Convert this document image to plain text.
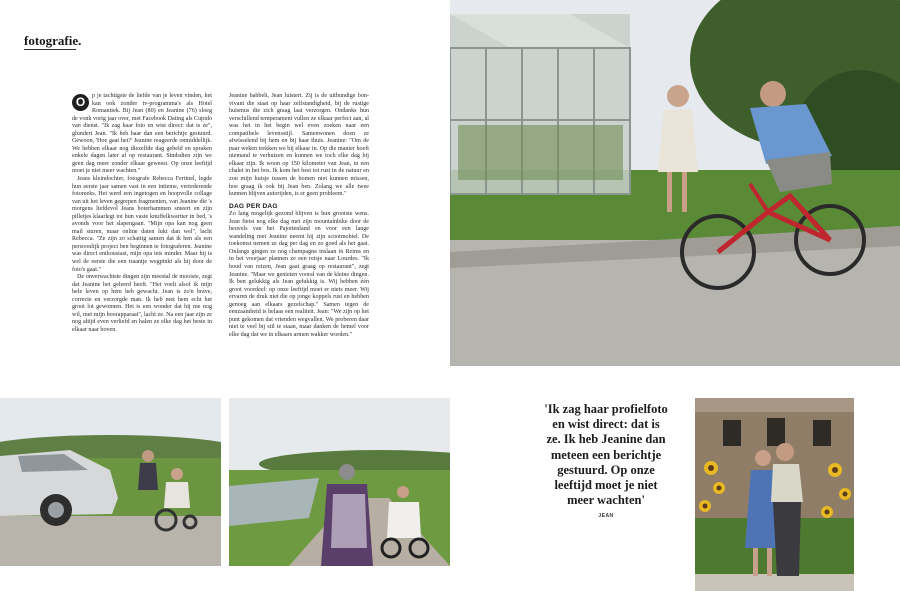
fotografie.
O	p je tachtigste de liefde van je leven vinden, het kan ook zonder tv-programma's als Hotel Romantiek. Bij Jean (80) en Jeanine (76) sloeg de vonk vorig jaar over, met Facebook Dating als Cupido van dienst. "Ik zag haar foto en wist direct: dat is ze", glundert Jean. "Ik heb haar dan een berichtje gestuurd. Gewoon, 'Hoe gaat het?' Jeanine reageerde onmiddellijk. We hebben elkaar nog diezelfde dag gebeld en spraken enkele dagen later af op restaurant. Sindsdien zijn we geen dag meer zonder elkaar geweest. Op onze leeftijd moet je niet meer wachten."

Jeans kleindochter, fotografe Rebecca Fertinel, legde hun eerste jaar samen vast in een intieme, vertederende fotoreeks. Het werd een ingetogen en hoopvolle collage van uit het leven gegrepen fragmenten, van Jeanine die 's morgens liefdevol Jeans boterhammen smeert en zijn pilletjes klaarlegt tot hun vaste knuffelkwartier in bed, 's avonds voor het slapengaan. "Mijn opa kan nog geen mail sturen, maar online daten lukt dan wel", lacht Rebecca. "Ze zijn zo schattig samen dat ik hen als een persoonlijk project ben beginnen te fotograferen. Jeanine was direct enthousiast, mijn opa iets minder. Maar hij is wel de eerste die een traantje wegpinkt als hij door de foto's gaat."

De onverwachtste dingen zijn meestal de mooiste, zegt dat Jeanine het geleerd heeft. "Het voelt alsof ik mijn hele leven op hem heb gewacht. Jean is zo'n brave, correcte en verzorgde man. Ik heb met hem echt het groot lot gewonnen. Het is een wonder dat hij me nog wil, met mijn hoorapparaat", lacht ze. Na een jaar zijn ze nog altijd even verliefd en halen ze elke dag het beste in elkaar naar boven.

Jeanine babbelt, Jean luistert. Zij is de uitbundige bon-vivant die staat op haar zelfstandigheid, bij de rustige huismus die zich graag laat verzorgen. Ondanks hun verschillend temperament vullen ze elkaar perfect aan, al was het in het begin wel even zoeken naar een compatibele levensstijl. Samenwonen doen ze afwisselend bij hem en bij haar thuis. Jeanine: "Om de paar weken trekken we bij elkaar in. Op die manier hoeft niemand te verhuizen en kunnen we toch elke dag bij elkaar zijn. Ik woon op 150 kilometer van Jean, in een chalet in het bos. Ik kom het best tot rust in de natuur en zou mijn huisje tussen de bomen niet kunnen missen, hoe graag ik ook bij Jean ben. Zolang we alle twee kunnen blijven autorijden, is er geen probleem."

DAG PER DAG

Zo lang mogelijk gezond blijven is hun grootste wens. Jean fietst nog elke dag met zijn mountainbike door de heuvels van het Pajottenland en voor een lange wandeling met Jeanine neemt hij zijn scootmobiel. De toekomst nemen ze dag per dag en zo goed als het gaat. Onlangs gingen ze nog champagne inslaan in Reims en in het voorjaar plannen ze een reisje naar Lourdes. "Ik houd van reizen, Jean gaat graag op restaurant", zegt Jeanine. "Maar we genieten vooral van de kleine dingen. Ik ben gelukkig als Jean gelukkig is. Wij hebben één groot voordeel: op onze leeftijd moet er niets meer. Wij ervaren de druk niet die op jonge koppels rust en hebben genoeg aan elkaars gezelschap." Samen tegen de eenzaamheid is helaas een realiteit. Jean: "We zijn op het punt gekomen dat vrienden wegvallen. We proberen daar niet te veel bij stil te staan, maar danken de hemel voor elke dag dat we in elkaars armen wakker worden."

'Ik zag haar profielfoto en wist direct: dat is ze. Ik heb Jeanine dan meteen een berichtje gestuurd. Op onze leeftijd moet je niet meer wachten'
JEAN
